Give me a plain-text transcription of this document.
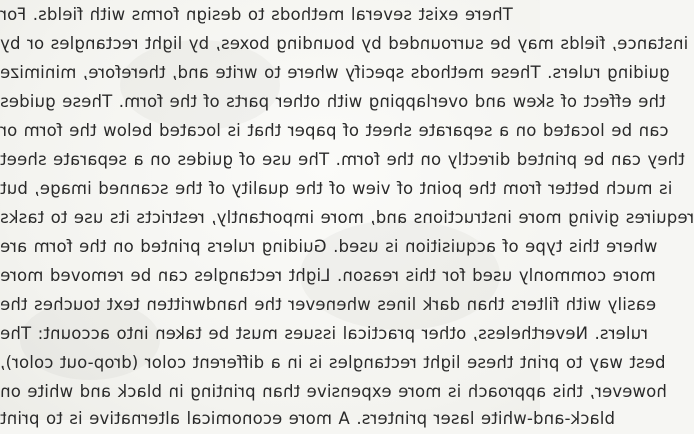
There exist several methods to design forms with fields. For
instance, fields may be surrounded by bounding boxes, by light rectangles or by
guiding rulers. These methods specify where to write and, therefore, minimize
the effect of skew and overlapping with other parts of the form. These guides
can be located on a separate sheet of paper that is located below the form or
they can be printed directly on the form. The use of guides on a separate sheet
is much better from the point of view of the quality of the scanned image, but
requires giving more instructions and, more importantly, restricts its use to tasks
where this type of acquisition is used. Guiding rulers printed on the form are
more commonly used for this reason. Light rectangles can be removed more
easily with filters than dark lines whenever the handwritten text touches the
rulers. Nevertheless, other practical issues must be taken into account: The
best way to print these light rectangles is in a different color (drop-out color),
however, this approach is more expensive than printing in black and white on
black-and-white laser printers. A more economical alternative is to print
